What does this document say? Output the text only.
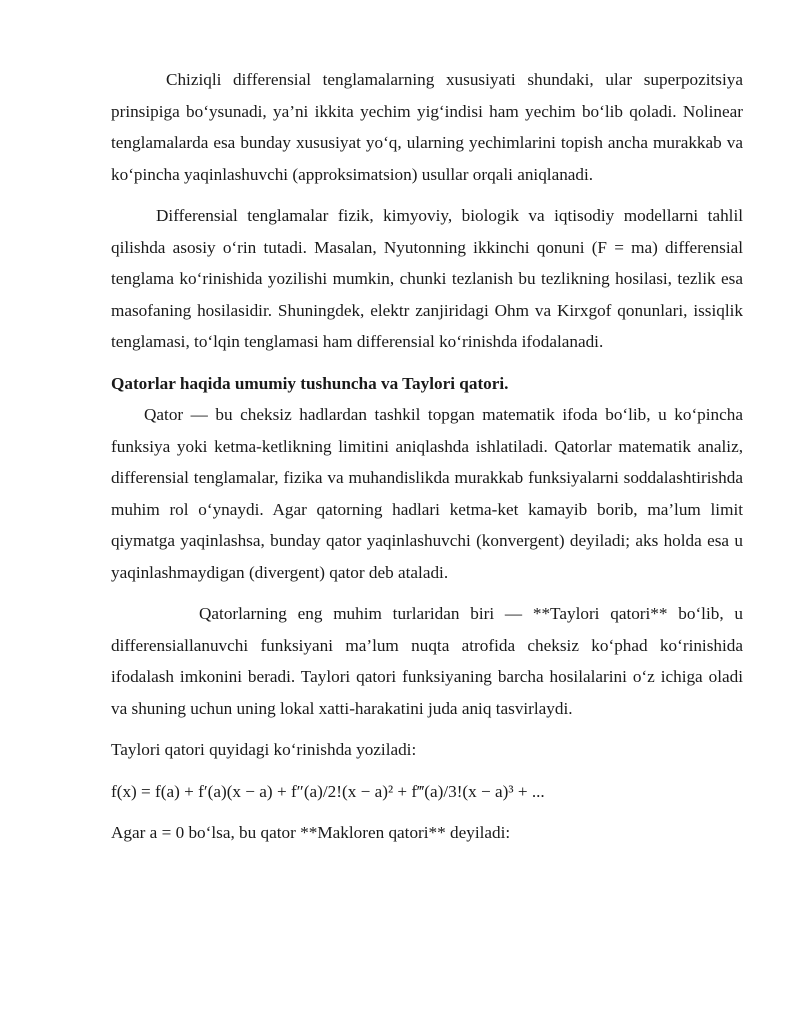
Chiziqli differensial tenglamalarning xususiyati shundaki, ular superpozitsiya prinsipiga bo‘ysunadi, ya’ni ikkita yechim yig‘indisi ham yechim bo‘lib qoladi. Nolinear tenglamalarda esa bunday xususiyat yo‘q, ularning yechimlarini topish ancha murakkab va ko‘pincha yaqinlashuvchi (approksimatsion) usullar orqali aniqlanadi.

Differensial tenglamalar fizik, kimyoviy, biologik va iqtisodiy modellarni tahlil qilishda asosiy o‘rin tutadi. Masalan, Nyutonning ikkinchi qonuni (F = ma) differensial tenglama ko‘rinishida yozilishi mumkin, chunki tezlanish bu tezlikning hosilasi, tezlik esa masofaning hosilasidir. Shuningdek, elektr zanjiridagi Ohm va Kirxgof qonunlari, issiqlik tenglamasi, to‘lqin tenglamasi ham differensial ko‘rinishda ifodalanadi.

Qatorlar haqida umumiy tushuncha va Taylori qatori.

Qator — bu cheksiz hadlardan tashkil topgan matematik ifoda bo‘lib, u ko‘pincha funksiya yoki ketma-ketlikning limitini aniqlashda ishlatiladi. Qatorlar matematik analiz, differensial tenglamalar, fizika va muhandislikda murakkab funksiyalarni soddalashtirishda muhim rol o‘ynaydi. Agar qatorning hadlari ketma-ket kamayib borib, ma’lum limit qiymatga yaqinlashsa, bunday qator yaqinlashuvchi (konvergent) deyiladi; aks holda esa u yaqinlashmaydigan (divergent) qator deb ataladi.

Qatorlarning eng muhim turlaridan biri — **Taylori qatori** bo‘lib, u differensiallanuvchi funksiyani ma’lum nuqta atrofida cheksiz ko‘phad ko‘rinishida ifodalash imkonini beradi. Taylori qatori funksiyaning barcha hosilalarini o‘z ichiga oladi va shuning uchun uning lokal xatti-harakatini juda aniq tasvirlaydi.

Taylori qatori quyidagi ko‘rinishda yoziladi:

f(x) = f(a) + f′(a)(x − a) + f″(a)/2!(x − a)² + f‴(a)/3!(x − a)³ + ...

Agar a = 0 bo‘lsa, bu qator **Makloren qatori** deyiladi:
